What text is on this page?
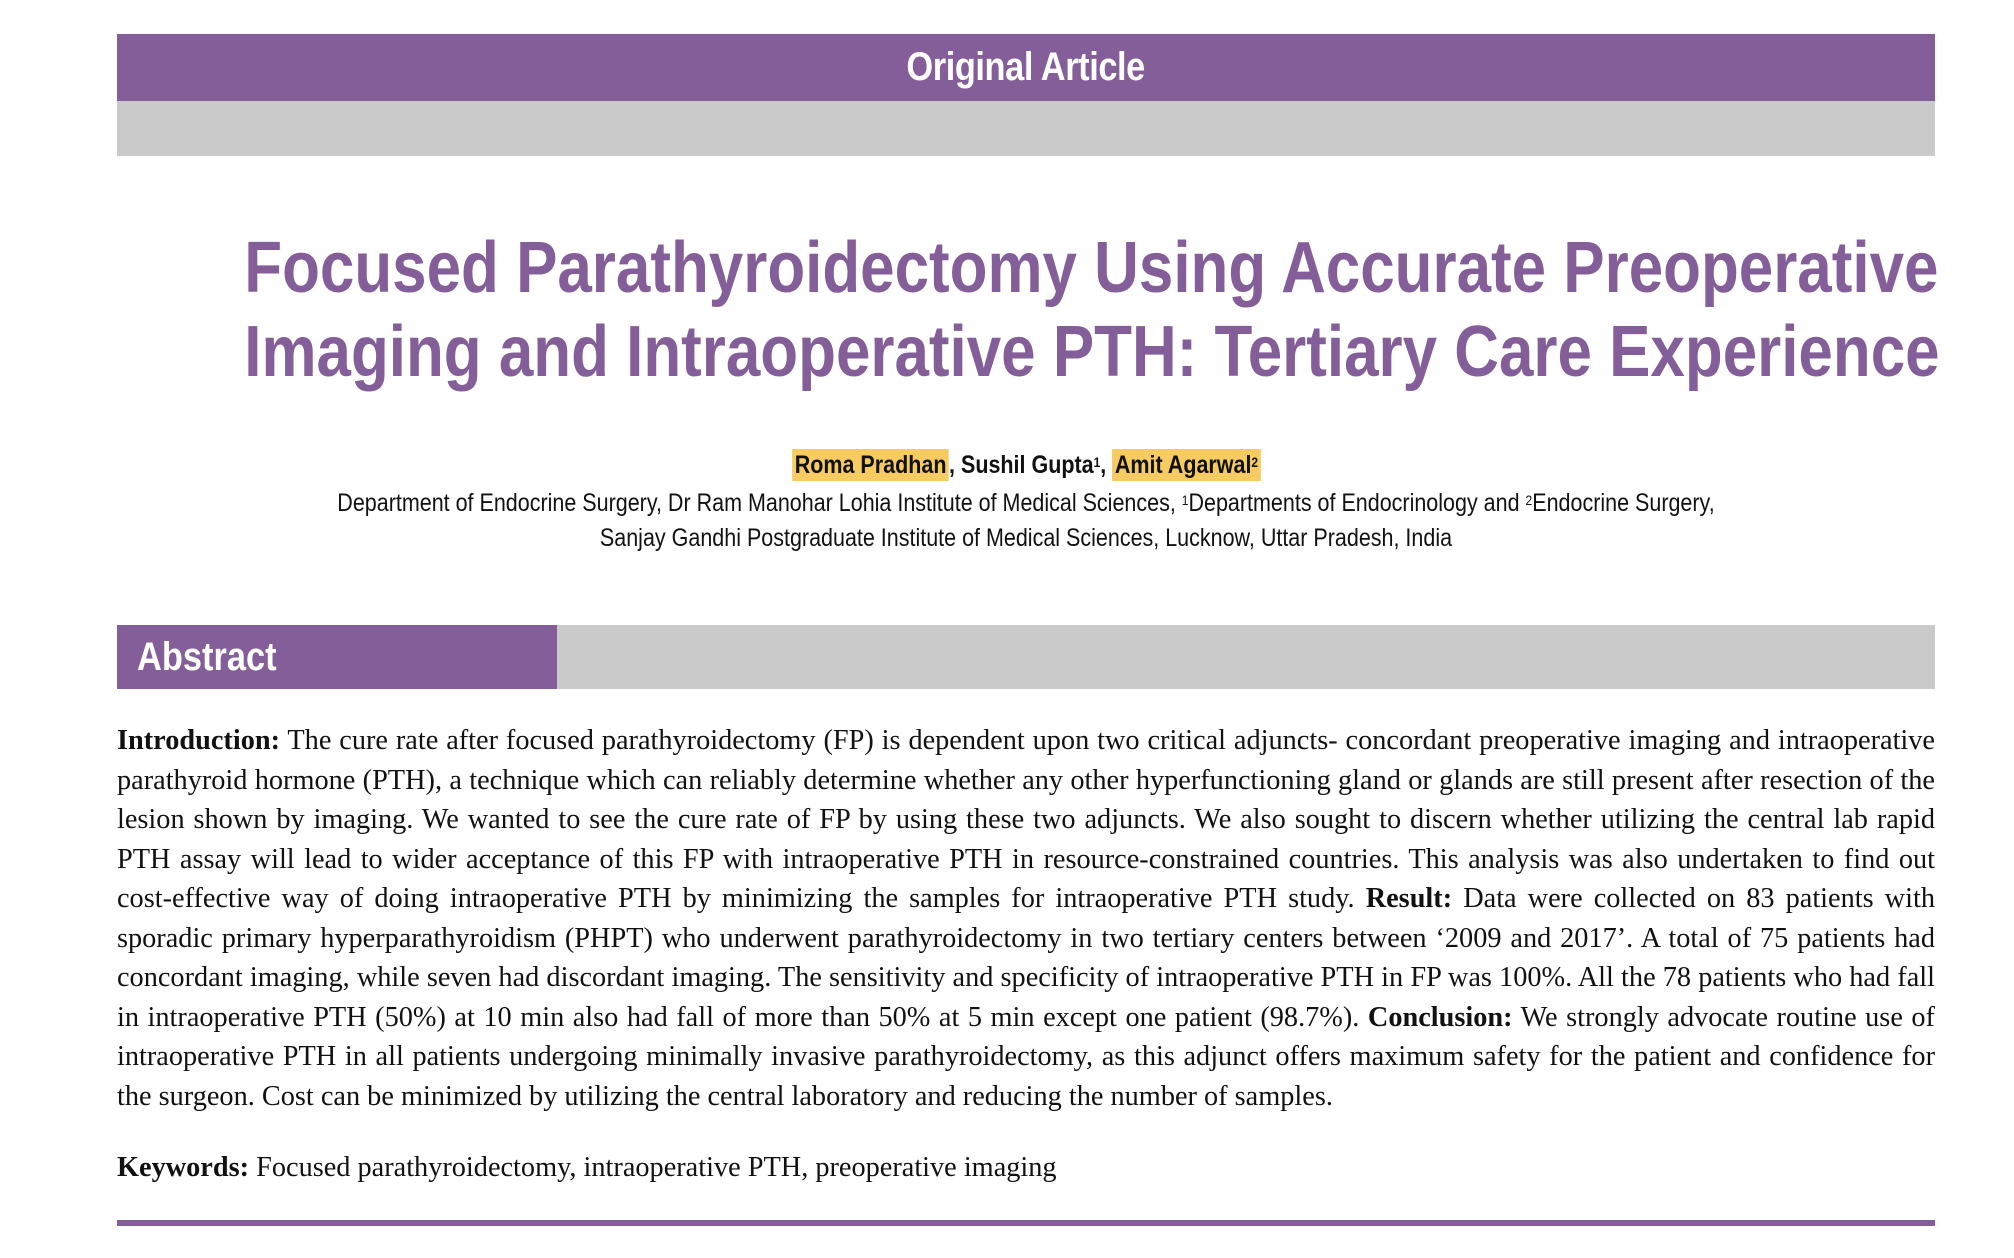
Original Article
Focused Parathyroidectomy Using Accurate Preoperative
Imaging and Intraoperative PTH: Tertiary Care Experience
Roma Pradhan , Sushil Gupta$^1$, Amit Agarwal$^2$
Department of Endocrine Surgery, Dr Ram Manohar Lohia Institute of Medical Sciences, $^1$Departments of Endocrinology and $^2$Endocrine Surgery,
Sanjay Gandhi Postgraduate Institute of Medical Sciences, Lucknow, Uttar Pradesh, India
Abstract
Introduction: The cure rate after focused parathyroidectomy (FP) is dependent upon two critical adjuncts- concordant preoperative imaging and intraoperative parathyroid hormone (PTH), a technique which can reliably determine whether any other hyperfunctioning gland or glands are still present after resection of the lesion shown by imaging. We wanted to see the cure rate of FP by using these two adjuncts. We also sought to discern whether utilizing the central lab rapid PTH assay will lead to wider acceptance of this FP with intraoperative PTH in resource-constrained countries. This analysis was also undertaken to find out cost-effective way of doing intraoperative PTH by minimizing the samples for intraoperative PTH study. Result: Data were collected on 83 patients with sporadic primary hyperparathyroidism (PHPT) who underwent parathyroidectomy in two tertiary centers between ‘2009 and 2017’. A total of 75 patients had concordant imaging, while seven had discordant imaging. The sensitivity and specificity of intraoperative PTH in FP was 100%. All the 78 patients who had fall in intraoperative PTH (50%) at 10 min also had fall of more than 50% at 5 min except one patient (98.7%). Conclusion: We strongly advocate routine use of intraoperative PTH in all patients undergoing minimally invasive parathyroidectomy, as this adjunct offers maximum safety for the patient and confidence for the surgeon. Cost can be minimized by utilizing the central laboratory and reducing the number of samples.
Keywords: Focused parathyroidectomy, intraoperative PTH, preoperative imaging
